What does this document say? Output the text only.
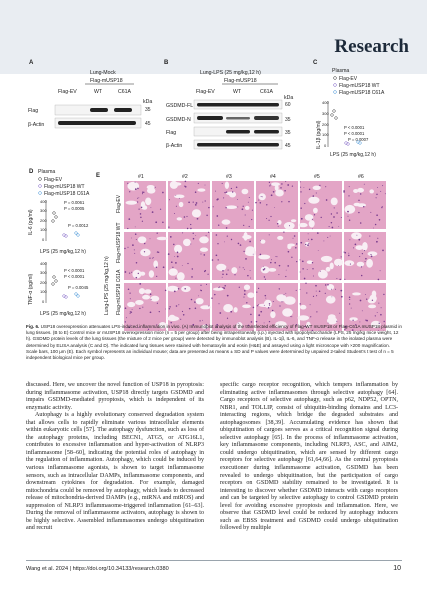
Research
A
Lung-Mock
Flag-mUSP18
Flag-EV	WT	C61A
kDa
Flag	35
β-Actin	45
B
Lung-LPS (25 mg/kg,12 h)
Flag-mUSP18
Flag-EV	WT	C61A
kDa
GSDMD-FL	60
GSDMD-N	35
Flag	35
β-Actin	45
C
Plasma
Flag-EV
Flag-mUSP18 WT
Flag-mUSP18 C61A
IL-1β (pg/ml)
400
300
200
100
0
P < 0.0001
P < 0.0001
P = 0.0007
LPS (25 mg/kg,12 h)
D Plasma
Flag-EV
Flag-mUSP18 WT
Flag-mUSP18 C61A
IL-6 (pg/ml)
400
300
200
100
0
P = 0.0061
P = 0.0005
P = 0.0012
LPS (25 mg/kg,12 h)
TNF-α (pg/ml)
400
300
200
100
0
P < 0.0001
P < 0.0001
P = 0.0045
LPS (25 mg/kg,12 h)
E	#1	#2	#3	#4	#5	#6
Lung-LPS (25 mg/kg,12 h)
Flag-EV
Flag-mUSP18 WT
Flag-mUSP18 C61A
Fig. 6. USP18 overexpression attenuates LPS-induced inflammation in vivo. (A) Immunoblot analysis of the transfected efficiency of Flag-WT mUSP18 or Flag-C61A mUSP18 plasmid in lung tissues. (B to E) Control mice or mUSP18 overexpression mice (n = 5 per group) after being intraperitoneally (i.p.) injected with lipopolysaccharide (LPS, 25 mg/kg mice weight, 12 h). GSDMD protein levels of the lung tissues (the mixture of 2 mice per group) were detected by immunoblot analysis (B). IL-1β, IL-6, and TNF-α release in the isolated plasma were determined by ELISA analysis (C and D). The indicated lung tissues were stained with hematoxylin and eosin (H&E) and assayed using a light microscope with ×200 magnification. Scale bars, 100 μm (E). Each symbol represents an individual mouse; data are presented as means ± SD and P values were determined by unpaired 2-tailed Student's t test of n = 5 independent biological mice per group.

discussed. Here, we uncover the novel function of USP18 in pyroptosis: during inflammasome activation, USP18 directly targets GSDMD and impairs GSDMD-mediated pyroptosis, which is independent of its enzymatic activity.

Autophagy is a highly evolutionary conserved degradation system that allows cells to rapidly eliminate various intracellular elements within eukaryotic cells [57]. The autophagy dysfunction, such as loss of the autophagy proteins, including BECN1, ATG5, or ATG16L1, contributes to excessive inflammation and hyper-activation of NLRP3 inflammasome [58–60], indicating the potential roles of autophagy in the regulation of inflammation. Autophagy, which could be induced by various inflammasome agonists, is shown to target inflammasome sensors, such as intracellular DAMPs, inflammasome components, and downstream cytokines for degradation. For example, damaged mitochondria could be removed by autophagy, which leads to decreased release of mitochondria-derived DAMPs (e.g., mtRNA and mtROS) and suppression of NLRP3 inflammasome-triggered inflammation [61–63]. During the removal of inflammasome activators, autophagy is shown to be highly selective. Assembled inflammasomes undergo ubiquitination and recruit

specific cargo receptor recognition, which tempers inflammation by eliminating active inflammasomes through selective autophagy [64]. Cargo receptors of selective autophagy, such as p62, NDP52, OPTN, NBR1, and TOLLIP, consist of ubiquitin-binding domains and LC3-interacting regions, which bridge the degraded substrates and autophagosomes [38,39]. Accumulating evidence has shown that ubiquitination of cargoes serves as a critical recognition signal during selective autophagy [65]. In the process of inflammasome activation, key inflammasome components, including NLRP3, ASC, and AIM2, could undergo ubiquitination, which are sensed by different cargo receptors for selective autophagy [61,64,66]. As the central pyroptosis executioner during inflammasome activation, GSDMD has been revealed to undergo ubiquitination, but the participation of cargo receptors on GSDMD stability remained to be investigated. It is interesting to discover whether GSDMD interacts with cargo receptors and can be targeted by selective autophagy to control GSDMD protein level for avoiding excessive pyroptosis and inflammation. Here, we observe that GSDMD level could be reduced by autophagy inducers such as EBSS treatment and GSDMD could undergo ubiquitination followed by multiple

Wang et al. 2024 | https://doi.org/10.34133/research.0380	10
